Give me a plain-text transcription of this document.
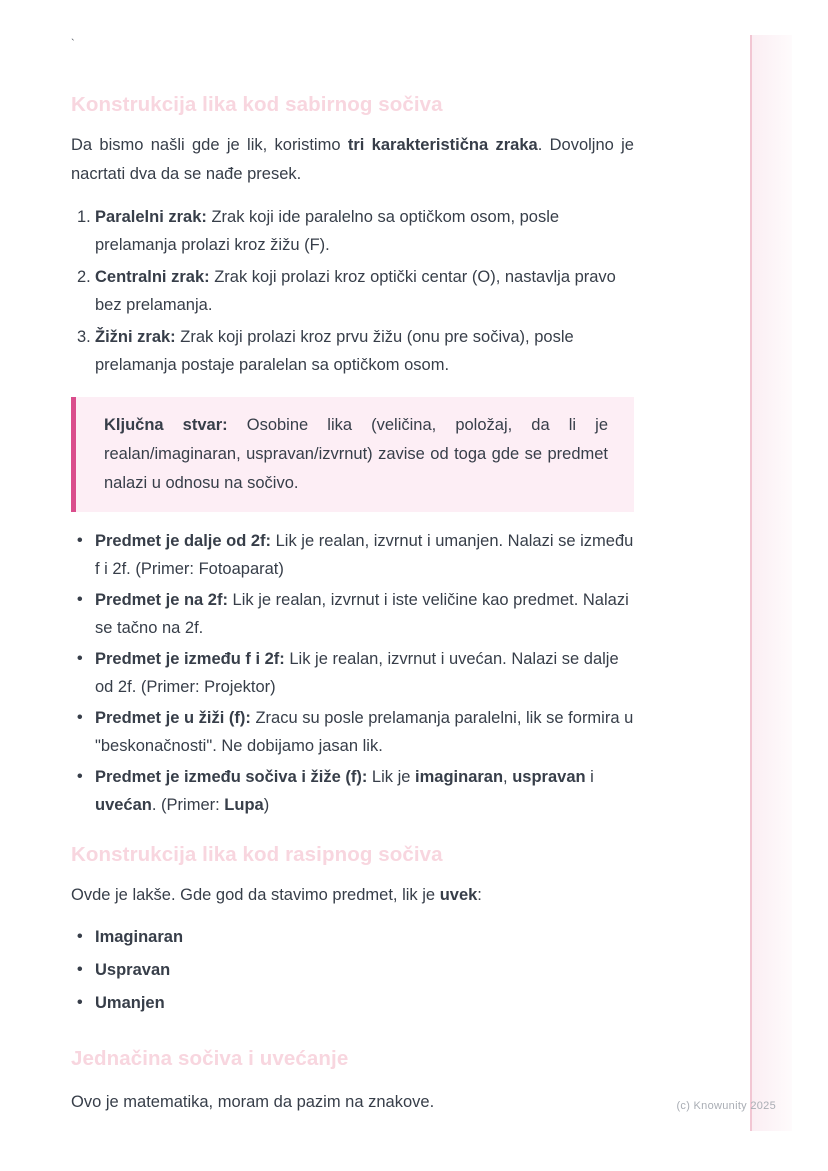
`
Konstrukcija lika kod sabirnog sočiva

Da bismo našli gde je lik, koristimo tri karakteristična zraka. Dovoljno je nacrtati dva da se nađe presek.

1. Paralelni zrak: Zrak koji ide paralelno sa optičkom osom, posle prelamanja prolazi kroz žižu (F).
2. Centralni zrak: Zrak koji prolazi kroz optički centar (O), nastavlja pravo bez prelamanja.
3. Žižni zrak: Zrak koji prolazi kroz prvu žižu (onu pre sočiva), posle prelamanja postaje paralelan sa optičkom osom.

Ključna stvar: Osobine lika (veličina, položaj, da li je realan/imaginaran, uspravan/izvrnut) zavise od toga gde se predmet nalazi u odnosu na sočivo.

• Predmet je dalje od 2f: Lik je realan, izvrnut i umanjen. Nalazi se između f i 2f. (Primer: Fotoaparat)
• Predmet je na 2f: Lik je realan, izvrnut i iste veličine kao predmet. Nalazi se tačno na 2f.
• Predmet je između f i 2f: Lik je realan, izvrnut i uvećan. Nalazi se dalje od 2f. (Primer: Projektor)
• Predmet je u žiži (f): Zracu su posle prelamanja paralelni, lik se formira u "beskonačnosti". Ne dobijamo jasan lik.
• Predmet je između sočiva i žiže (f): Lik je imaginaran, uspravan i uvećan. (Primer: Lupa)
Konstrukcija lika kod rasipnog sočiva

Ovde je lakše. Gde god da stavimo predmet, lik je uvek:

• Imaginaran
• Uspravan
• Umanjen
Jednačina sočiva i uvećanje

Ovo je matematika, moram da pazim na znakove.	(c) Knowunity 2025
